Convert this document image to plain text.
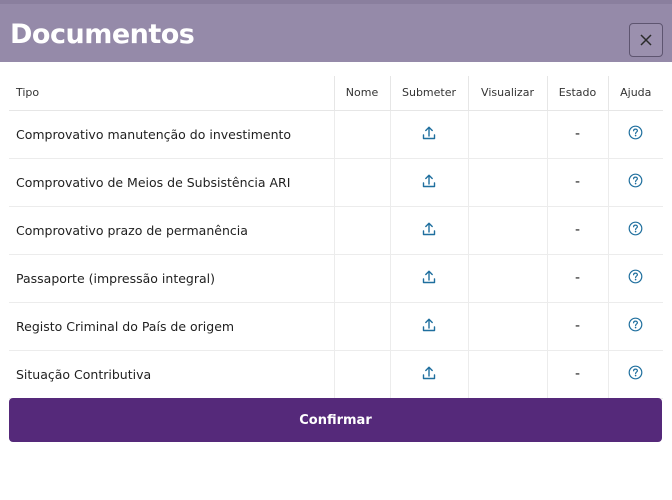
Documentos
Tipo	Nome	Submeter	Visualizar	Estado	Ajuda
Comprovativo manutenção do investimento				-	
Comprovativo de Meios de Subsistência ARI				-	
Comprovativo prazo de permanência				-	
Passaporte (impressão integral)				-	
Registo Criminal do País de origem				-	
Situação Contributiva				-	
Confirmar
